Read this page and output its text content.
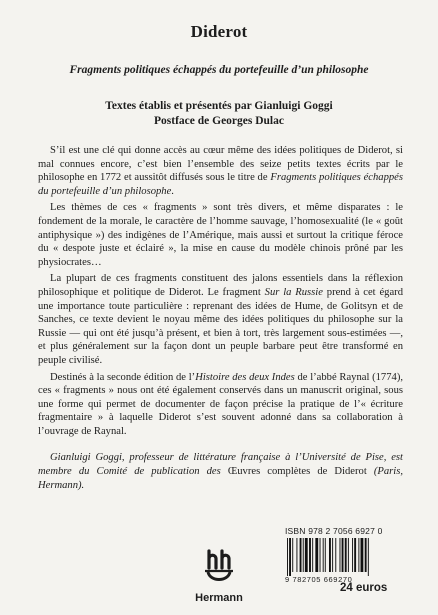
Diderot
Fragments politiques échappés du portefeuille d’un philosophe
Textes établis et présentés par Gianluigi Goggi
Postface de Georges Dulac

S’il est une clé qui donne accès au cœur même des idées politiques de Diderot, si mal connues encore, c’est bien l’ensemble des seize petits textes écrits par le philosophe en 1772 et aussitôt diffusés sous le titre de Fragments politiques échappés du portefeuille d’un philosophe.

Les thèmes de ces « fragments » sont très divers, et même disparates : le fondement de la morale, le caractère de l’homme sauvage, l’homosexualité (le « goût antiphysique ») des indigènes de l’Amérique, mais aussi et surtout la critique féroce du « despote juste et éclairé », la mise en cause du modèle chinois prôné par les physiocrates…

La plupart de ces fragments constituent des jalons essentiels dans la réflexion philosophique et politique de Diderot. Le fragment Sur la Russie prend à cet égard une importance toute particulière : reprenant des idées de Hume, de Golitsyn et de Sanches, ce texte devient le noyau même des idées politiques du philosophe sur la Russie — qui ont été jusqu’à présent, et bien à tort, très largement sous-estimées —, et plus généralement sur la façon dont un peuple barbare peut être transformé en peuple civilisé.

Destinés à la seconde édition de l’Histoire des deux Indes de l’abbé Raynal (1774), ces « fragments » nous ont été également conservés dans un manuscrit original, sous une forme qui permet de documenter de façon précise la pratique de l’« écriture fragmentaire » à laquelle Diderot s’est souvent adonné dans sa collaboration à l’ouvrage de Raynal.

Gianluigi Goggi, professeur de littérature française à l’Université de Pise, est membre du Comité de publication des Œuvres complètes de Diderot (Paris, Hermann).

Hermann
ISBN 978 2 7056 6927 0
9 782705 669270
24 euros
